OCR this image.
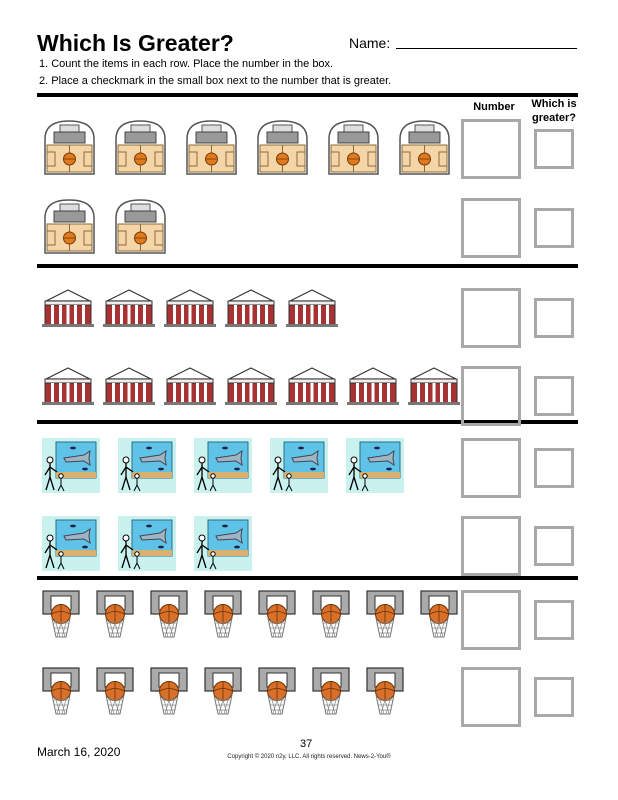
Which Is Greater?	Name:
1. Count the items in each row. Place the number in the box.
2. Place a checkmark in the small box next to the number that is greater.
Number	Which is
greater?
March 16, 2020
37
Copyright © 2020 n2y, LLC. All rights reserved. News-2-You®
